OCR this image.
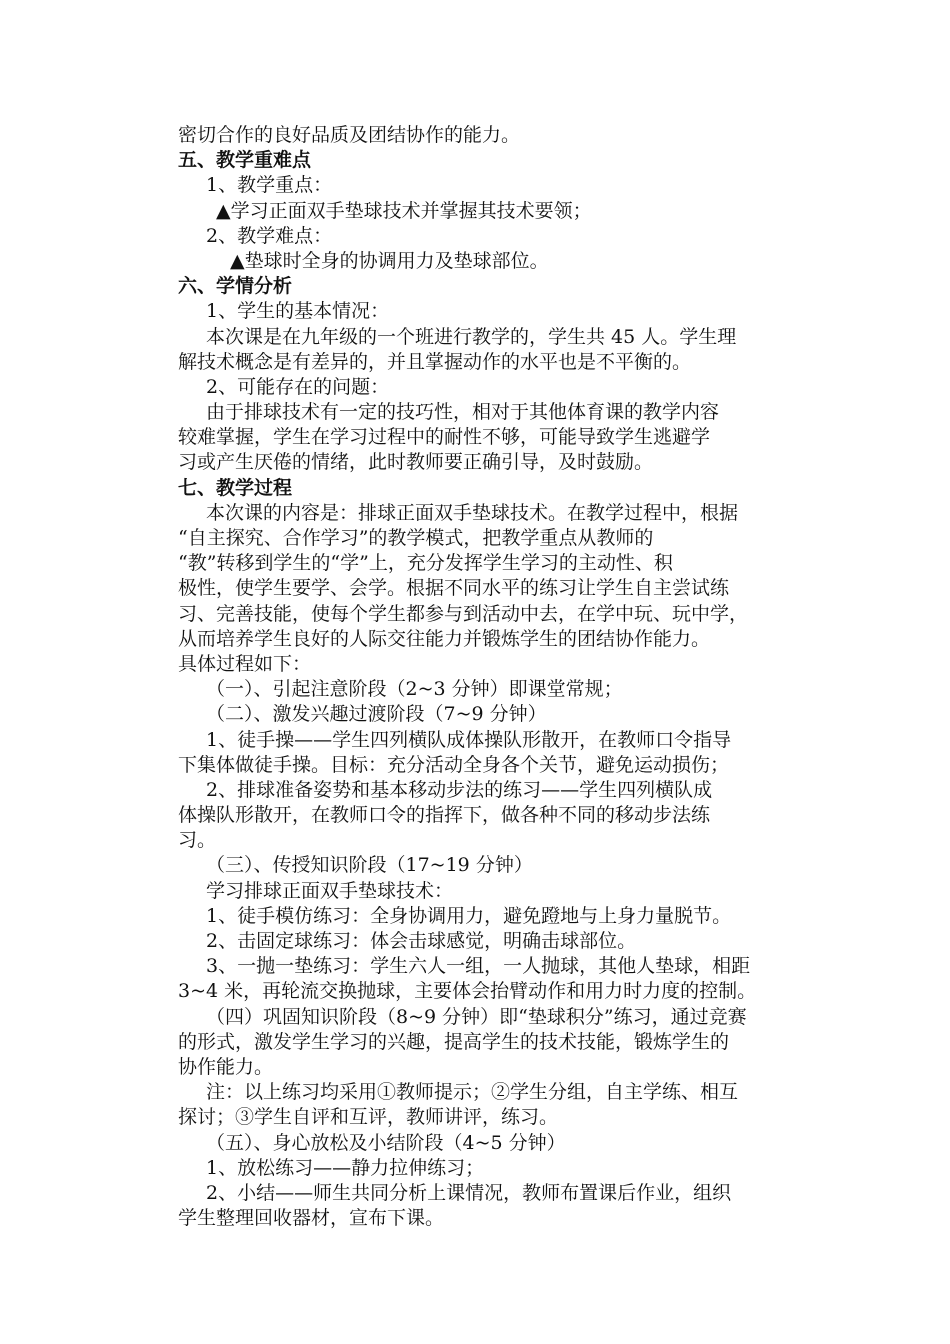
密切合作的良好品质及团结协作的能力。
五、教学重难点
1、教学重点：
▲学习正面双手垫球技术并掌握其技术要领；
2、教学难点：
▲垫球时全身的协调用力及垫球部位。
六、学情分析
1、学生的基本情况：
本次课是在九年级的一个班进行教学的，学生共 45 人。学生理
解技术概念是有差异的，并且掌握动作的水平也是不平衡的。
2、可能存在的问题：
由于排球技术有一定的技巧性，相对于其他体育课的教学内容
较难掌握，学生在学习过程中的耐性不够，可能导致学生逃避学
习或产生厌倦的情绪，此时教师要正确引导，及时鼓励。
七、教学过程
本次课的内容是：排球正面双手垫球技术。在教学过程中，根据
“自主探究、合作学习”的教学模式，把教学重点从教师的
“教”转移到学生的“学”上，充分发挥学生学习的主动性、积
极性，使学生要学、会学。根据不同水平的练习让学生自主尝试练
习、完善技能，使每个学生都参与到活动中去，在学中玩、玩中学，
从而培养学生良好的人际交往能力并锻炼学生的团结协作能力。
具体过程如下：
（一）、引起注意阶段（2~3 分钟）即课堂常规；
（二）、激发兴趣过渡阶段（7~9 分钟）
1、徒手操——学生四列横队成体操队形散开，在教师口令指导
下集体做徒手操。目标：充分活动全身各个关节，避免运动损伤；
2、排球准备姿势和基本移动步法的练习——学生四列横队成
体操队形散开，在教师口令的指挥下，做各种不同的移动步法练
习。
（三）、传授知识阶段（17~19 分钟）
学习排球正面双手垫球技术：
1、徒手模仿练习：全身协调用力，避免蹬地与上身力量脱节。
2、击固定球练习：体会击球感觉，明确击球部位。
3、一抛一垫练习：学生六人一组，一人抛球，其他人垫球，相距
3~4 米，再轮流交换抛球，主要体会抬臂动作和用力时力度的控制。
（四）巩固知识阶段（8~9 分钟）即“垫球积分”练习，通过竞赛
的形式，激发学生学习的兴趣，提高学生的技术技能，锻炼学生的
协作能力。
注：以上练习均采用①教师提示；②学生分组，自主学练、相互
探讨；③学生自评和互评，教师讲评，练习。
（五）、身心放松及小结阶段（4~5 分钟）
1、放松练习——静力拉伸练习；
2、小结——师生共同分析上课情况，教师布置课后作业，组织
学生整理回收器材，宣布下课。
